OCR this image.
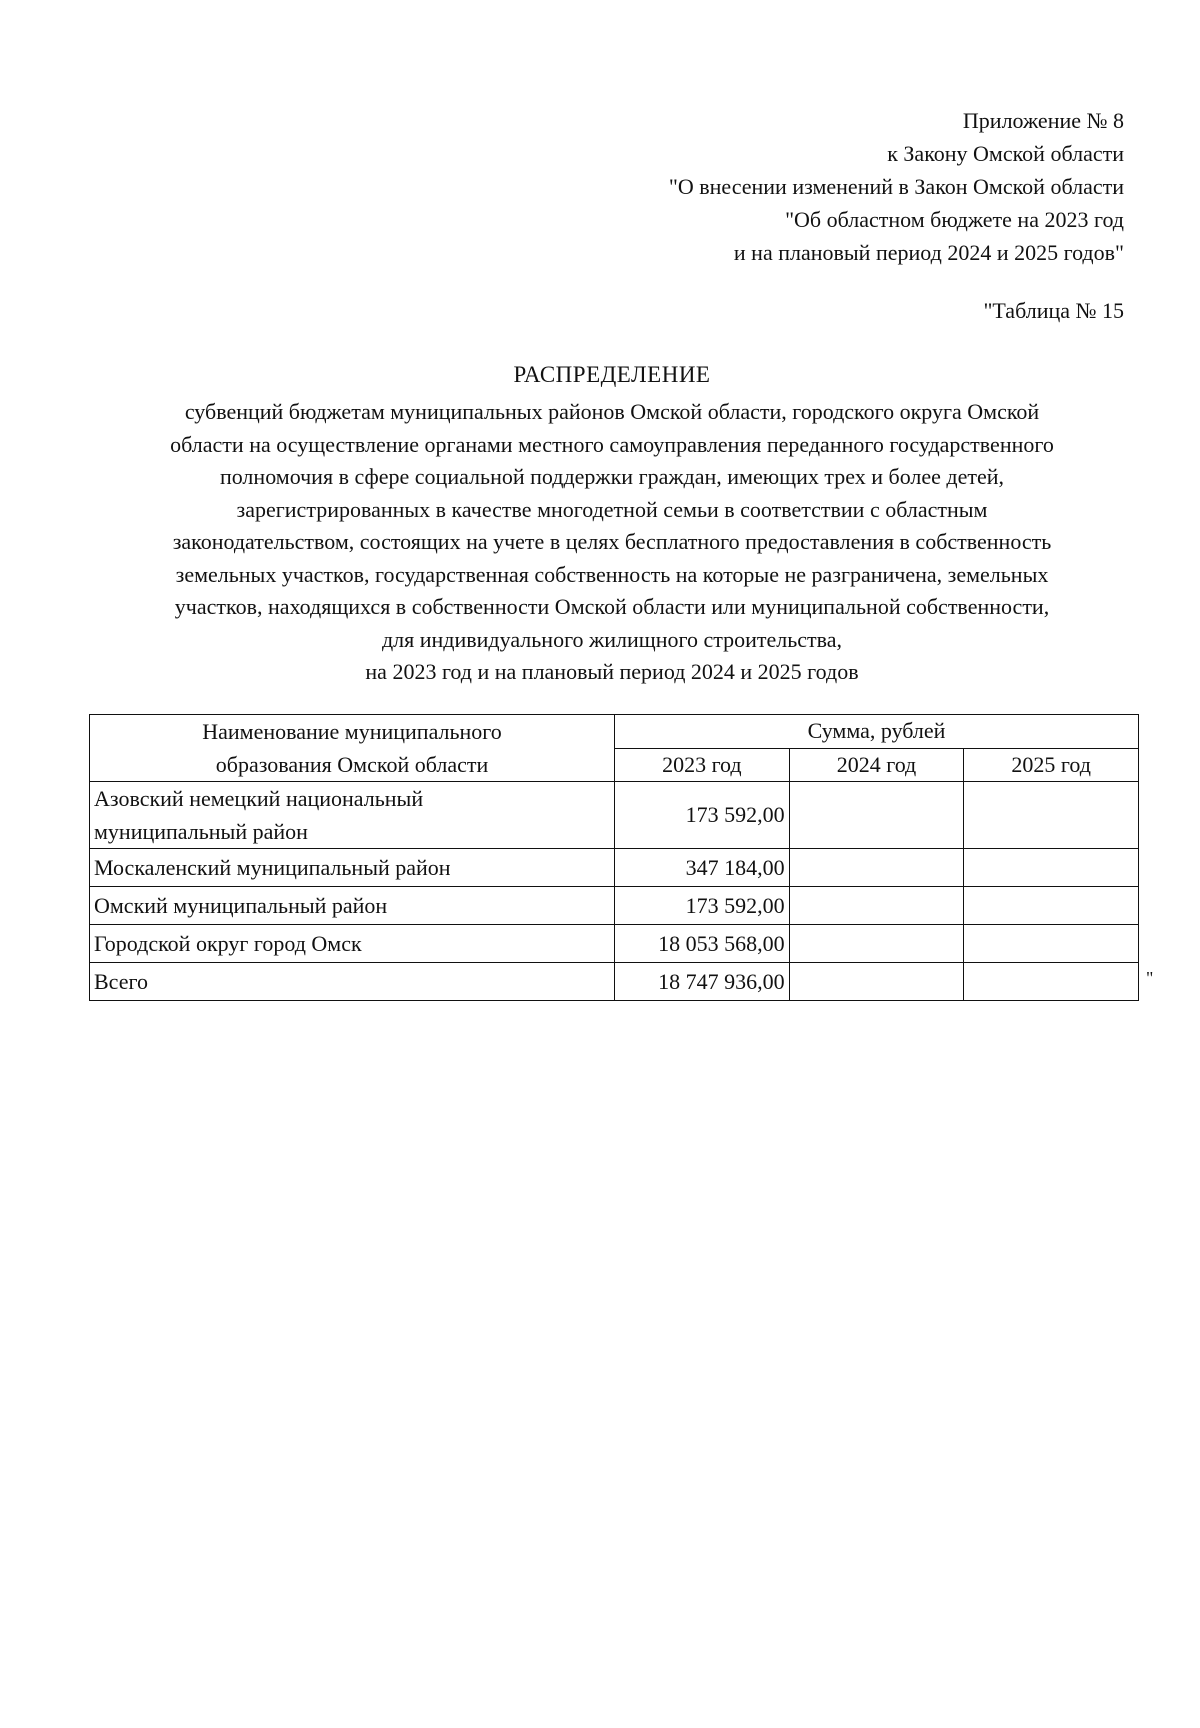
Приложение № 8
к Закону Омской области
"О внесении изменений в Закон Омской области
"Об областном бюджете на 2023 год
и на плановый период 2024 и 2025 годов"
"Таблица № 15
РАСПРЕДЕЛЕНИЕ
субвенций бюджетам муниципальных районов Омской области, городского округа Омской
области на осуществление органами местного самоуправления переданного государственного
полномочия в сфере социальной поддержки граждан, имеющих трех и более детей,
зарегистрированных в качестве многодетной семьи в соответствии с областным
законодательством, состоящих на учете в целях бесплатного предоставления в собственность
земельных участков, государственная собственность на которые не разграничена, земельных
участков, находящихся в собственности Омской области или муниципальной собственности,
для индивидуального жилищного строительства,
на 2023 год и на плановый период 2024 и 2025 годов
Наименование муниципального
образования Омской области	Сумма, рублей		
	2023 год	2024 год	2025 год

Азовский немецкий национальный
муниципальный район	173 592,00		
Москаленский муниципальный район	347 184,00		
Омский муниципальный район	173 592,00		
Городской округ город Омск	18 053 568,00		
Всего	18 747 936,00			"
